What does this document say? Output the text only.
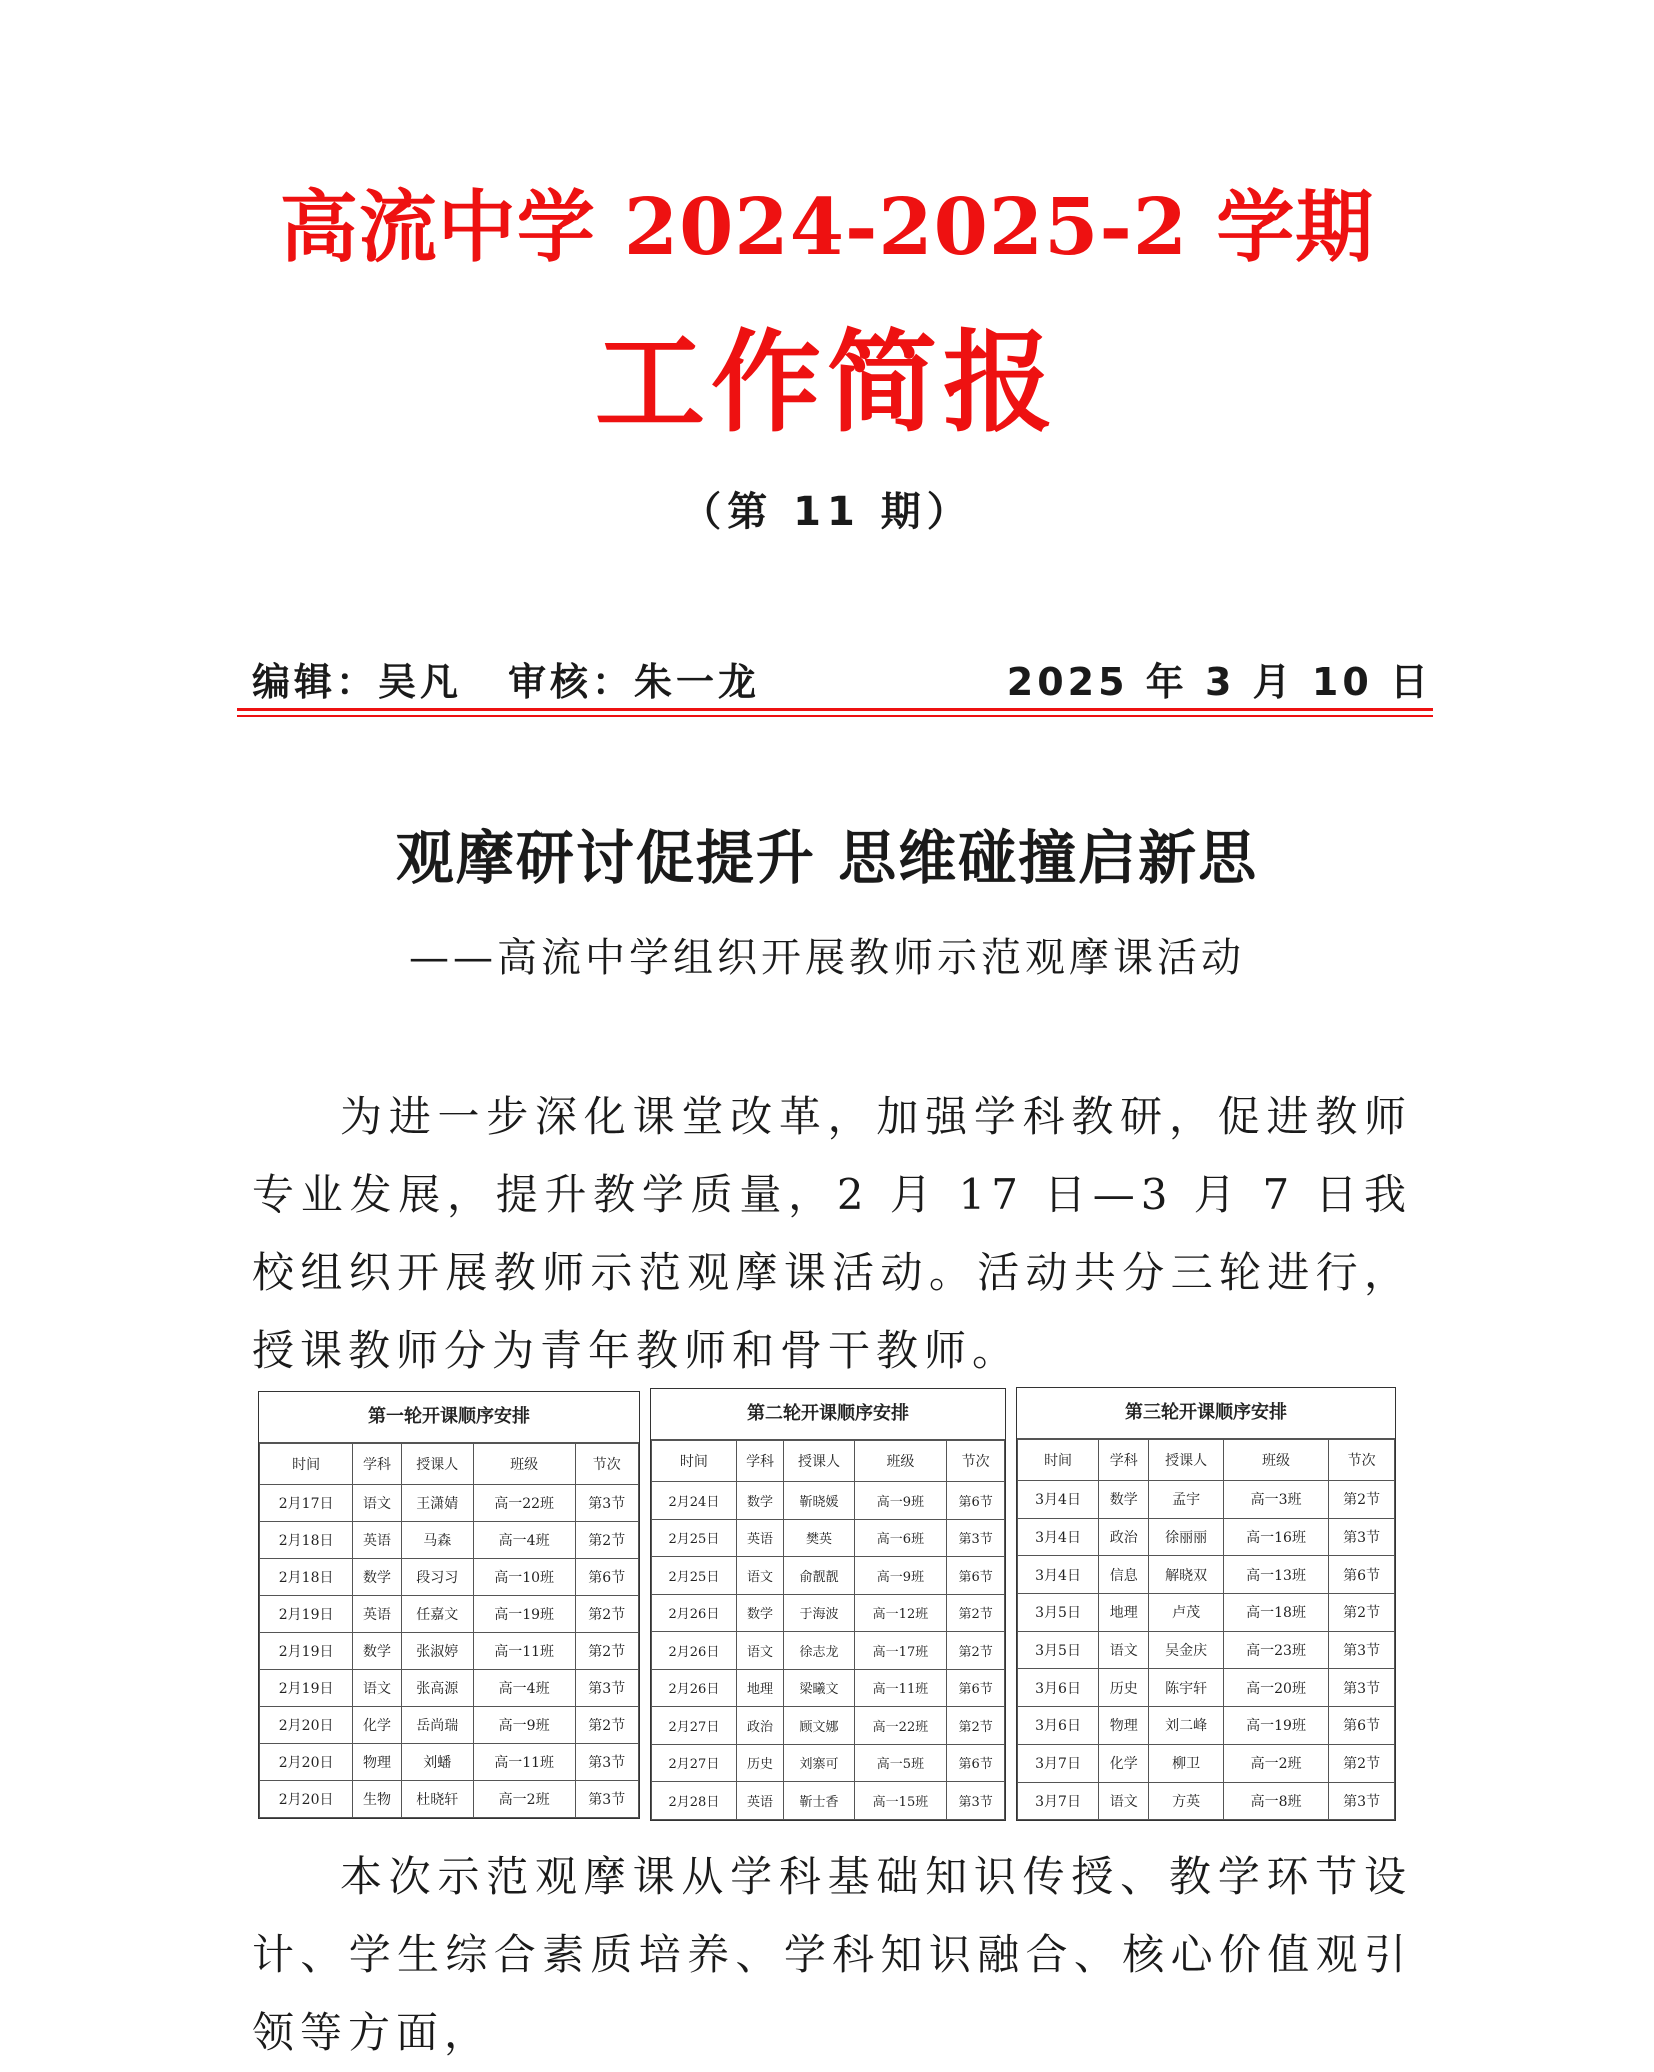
高流中学 2024-2025-2 学期
工作简报
（第 11 期）
编辑：吴凡 审核：朱一龙	2025 年 3 月 10 日
观摩研讨促提升 思维碰撞启新思
——高流中学组织开展教师示范观摩课活动

为进一步深化课堂改革，加强学科教研，促进教师专业发展，提升教学质量，2 月 17 日—3 月 7 日我校组织开展教师示范观摩课活动。活动共分三轮进行，授课教师分为青年教师和骨干教师。

第一轮开课顺序安排
时间	学科	授课人	班级	节次
2月17日	语文	王潇婧	高一22班	第3节
2月18日	英语	马森	高一4班	第2节
2月18日	数学	段习习	高一10班	第6节
2月19日	英语	任嘉文	高一19班	第2节
2月19日	数学	张淑婷	高一11班	第2节
2月19日	语文	张高源	高一4班	第3节
2月20日	化学	岳尚瑞	高一9班	第2节
2月20日	物理	刘蟠	高一11班	第3节
2月20日	生物	杜晓轩	高一2班	第3节
第二轮开课顺序安排
时间	学科	授课人	班级	节次
2月24日	数学	靳晓媛	高一9班	第6节
2月25日	英语	樊英	高一6班	第3节
2月25日	语文	俞靓靓	高一9班	第6节
2月26日	数学	于海波	高一12班	第2节
2月26日	语文	徐志龙	高一17班	第2节
2月26日	地理	梁曦文	高一11班	第6节
2月27日	政治	顾文娜	高一22班	第2节
2月27日	历史	刘寨可	高一5班	第6节
2月28日	英语	靳士香	高一15班	第3节
第三轮开课顺序安排
时间	学科	授课人	班级	节次
3月4日	数学	孟宇	高一3班	第2节
3月4日	政治	徐丽丽	高一16班	第3节
3月4日	信息	解晓双	高一13班	第6节
3月5日	地理	卢茂	高一18班	第2节
3月5日	语文	吴金庆	高一23班	第3节
3月6日	历史	陈宇轩	高一20班	第3节
3月6日	物理	刘二峰	高一19班	第6节
3月7日	化学	柳卫	高一2班	第2节
3月7日	语文	方英	高一8班	第3节

本次示范观摩课从学科基础知识传授、教学环节设计、学生综合素质培养、学科知识融合、核心价值观引领等方面，
